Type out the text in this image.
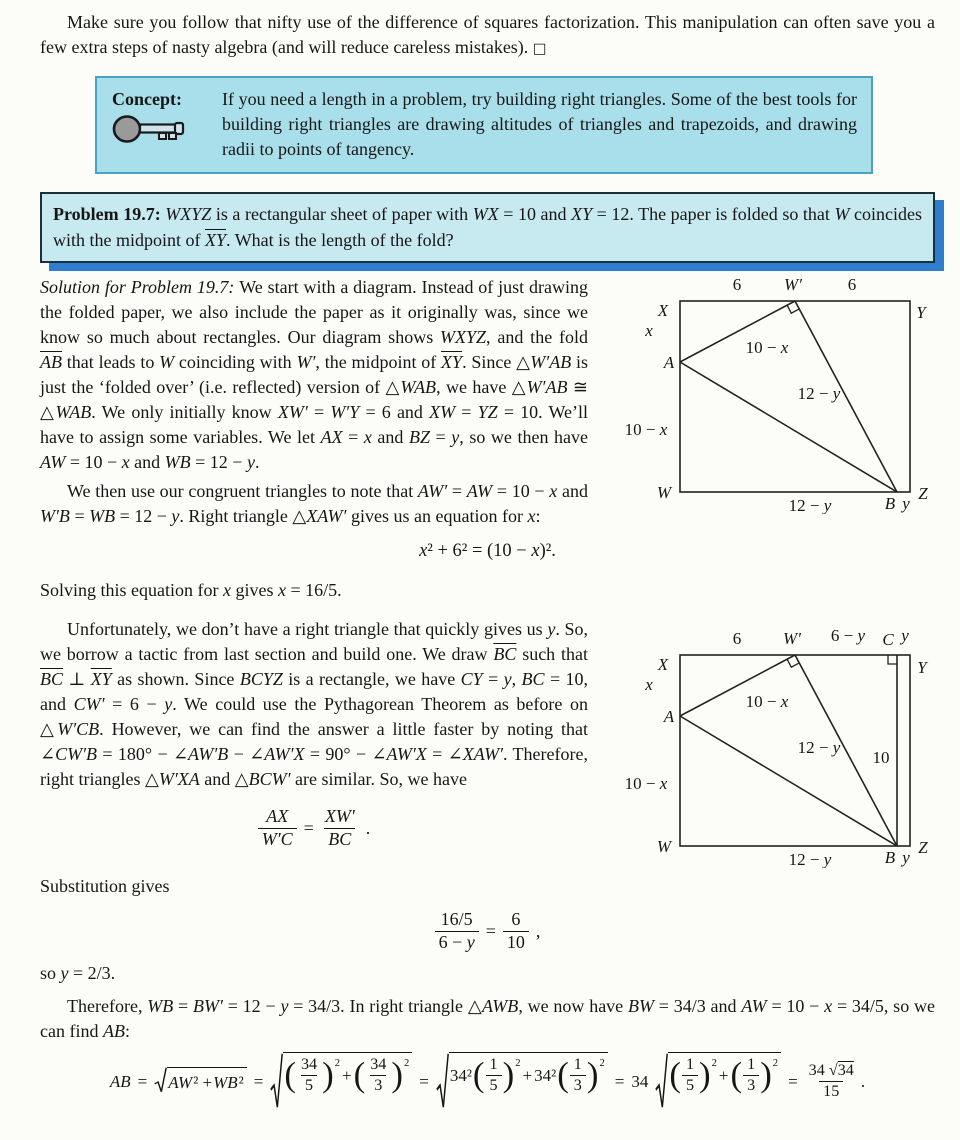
Make sure you follow that nifty use of the difference of squares factorization. This manipulation can often save you a few extra steps of nasty algebra (and will reduce careless mistakes). □

Concept:	If you need a length in a problem, try building right triangles. Some of the best tools for building right triangles are drawing altitudes of triangles and trapezoids, and drawing radii to points of tangency.

Problem 19.7: WXYZ is a rectangular sheet of paper with WX = 10 and XY = 12. The paper is folded so that W coincides with the midpoint of $\overline{XY}$. What is the length of the fold?

X	Y
W	Z
W′
6	6
x
A
10 − x
12 − y
10 − x
12 − y	B y

Solution for Problem 19.7: We start with a diagram. Instead of just drawing the folded paper, we also include the paper as it originally was, since we know so much about rectangles. Our diagram shows WXYZ, and the fold $\overline{AB}$ that leads to W coinciding with W′, the midpoint of $\overline{XY}$. Since △W′AB is just the ‘folded over’ (i.e. reflected) version of △WAB, we have △W′AB ≅ △WAB. We only initially know XW′ = W′Y = 6 and XW = YZ = 10. We’ll have to assign some variables. We let AX = x and BZ = y, so we then have AW = 10 − x and WB = 12 − y.

We then use our congruent triangles to note that AW′ = AW = 10 − x and W′B = WB = 12 − y. Right triangle △XAW′ gives us an equation for x:

x² + 6² = (10 − x)².

Solving this equation for x gives x = 16/5.

X	Y
W	Z
W′
6	6 − y C y
x
A
10 − x
12 − y
10
10 − x
12 − y	B y

Unfortunately, we don’t have a right triangle that quickly gives us y. So, we borrow a tactic from last section and build one. We draw $\overline{BC}$ such that $\overline{BC}$ ⊥ $\overline{XY}$ as shown. Since BCYZ is a rectangle, we have CY = y, BC = 10, and CW′ = 6 − y. We could use the Pythagorean Theorem as before on △W′CB. However, we can find the answer a little faster by noting that ∠CW′B = 180° − ∠AW′B − ∠AW′X = 90° − ∠AW′X = ∠XAW′. Therefore, right triangles △W′XA and △BCW′ are similar. So, we have

$\frac{AX}{W'C} = \frac{XW'}{BC}$ .

Substitution gives

$\frac{16/5}{6 - y} = \frac{6}{10}$ ,

so y = 2/3.

Therefore, WB = BW′ = 12 − y = 34/3. In right triangle △AWB, we now have BW = 34/3 and AW = 10 − x = 34/5, so we can find AB:

AB = AW ² + WB ² = ( $\frac{34}{5}$ ) 2
+ ( $\frac{34}{3}$ ) 2
= 34² ( $\frac{1}{5}$ ) 2
+ 34² ( $\frac{1}{3}$ ) 2
= 34 ( $\frac{1}{5}$ ) 2
+ ( $\frac{1}{3}$ ) 2
= $\frac{34 √34}{15}$ .
